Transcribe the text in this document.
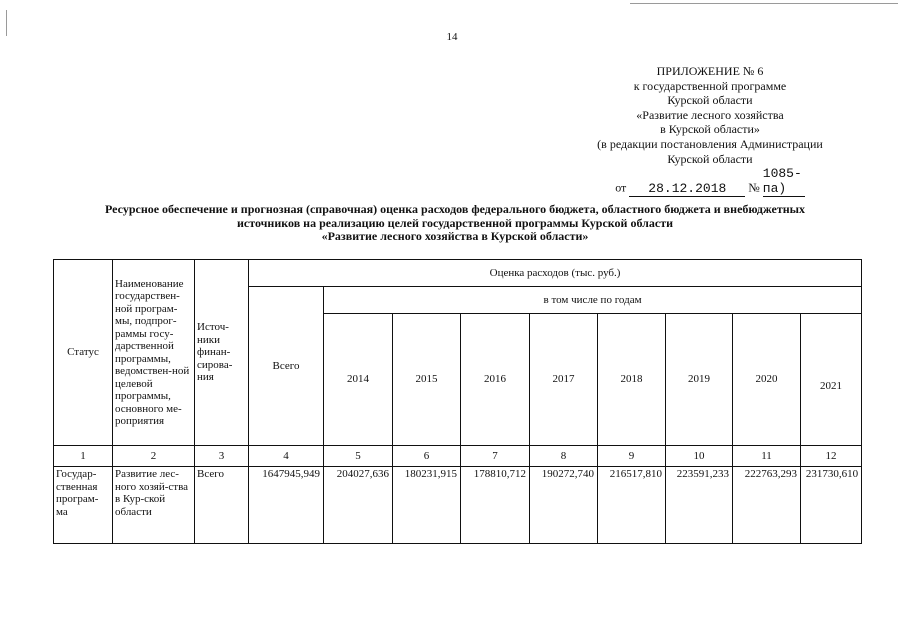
14
ПРИЛОЖЕНИЕ № 6
к государственной программе
Курской области
«Развитие лесного хозяйства
в Курской области»
(в редакции постановления Администрации
Курской области
от 28.12.2018 № 1085-па)
Ресурсное обеспечение и прогнозная (справочная) оценка расходов федерального бюджета, областного бюджета и внебюджетных
источников на реализацию целей государственной программы Курской области
«Развитие лесного хозяйства в Курской области»
Статус	Наименование государствен-ной програм-мы, подпрог-раммы госу-дарственной программы, ведомствен-ной целевой программы, основного ме-роприятия	Источ-ники финан-сирова-ния	Оценка расходов (тыс. руб.)								
			Всего	в том числе по годам							
				2014	2015	2016	2017	2018	2019	2020	2021
1	2	3	4	5	6	7	8	9	10	11	12
Государ-ственная програм-ма	Развитие лес-ного хозяй-ства в Кур-ской области	Всего	1647945,949	204027,636	180231,915	178810,712	190272,740	216517,810	223591,233	222763,293	231730,610
